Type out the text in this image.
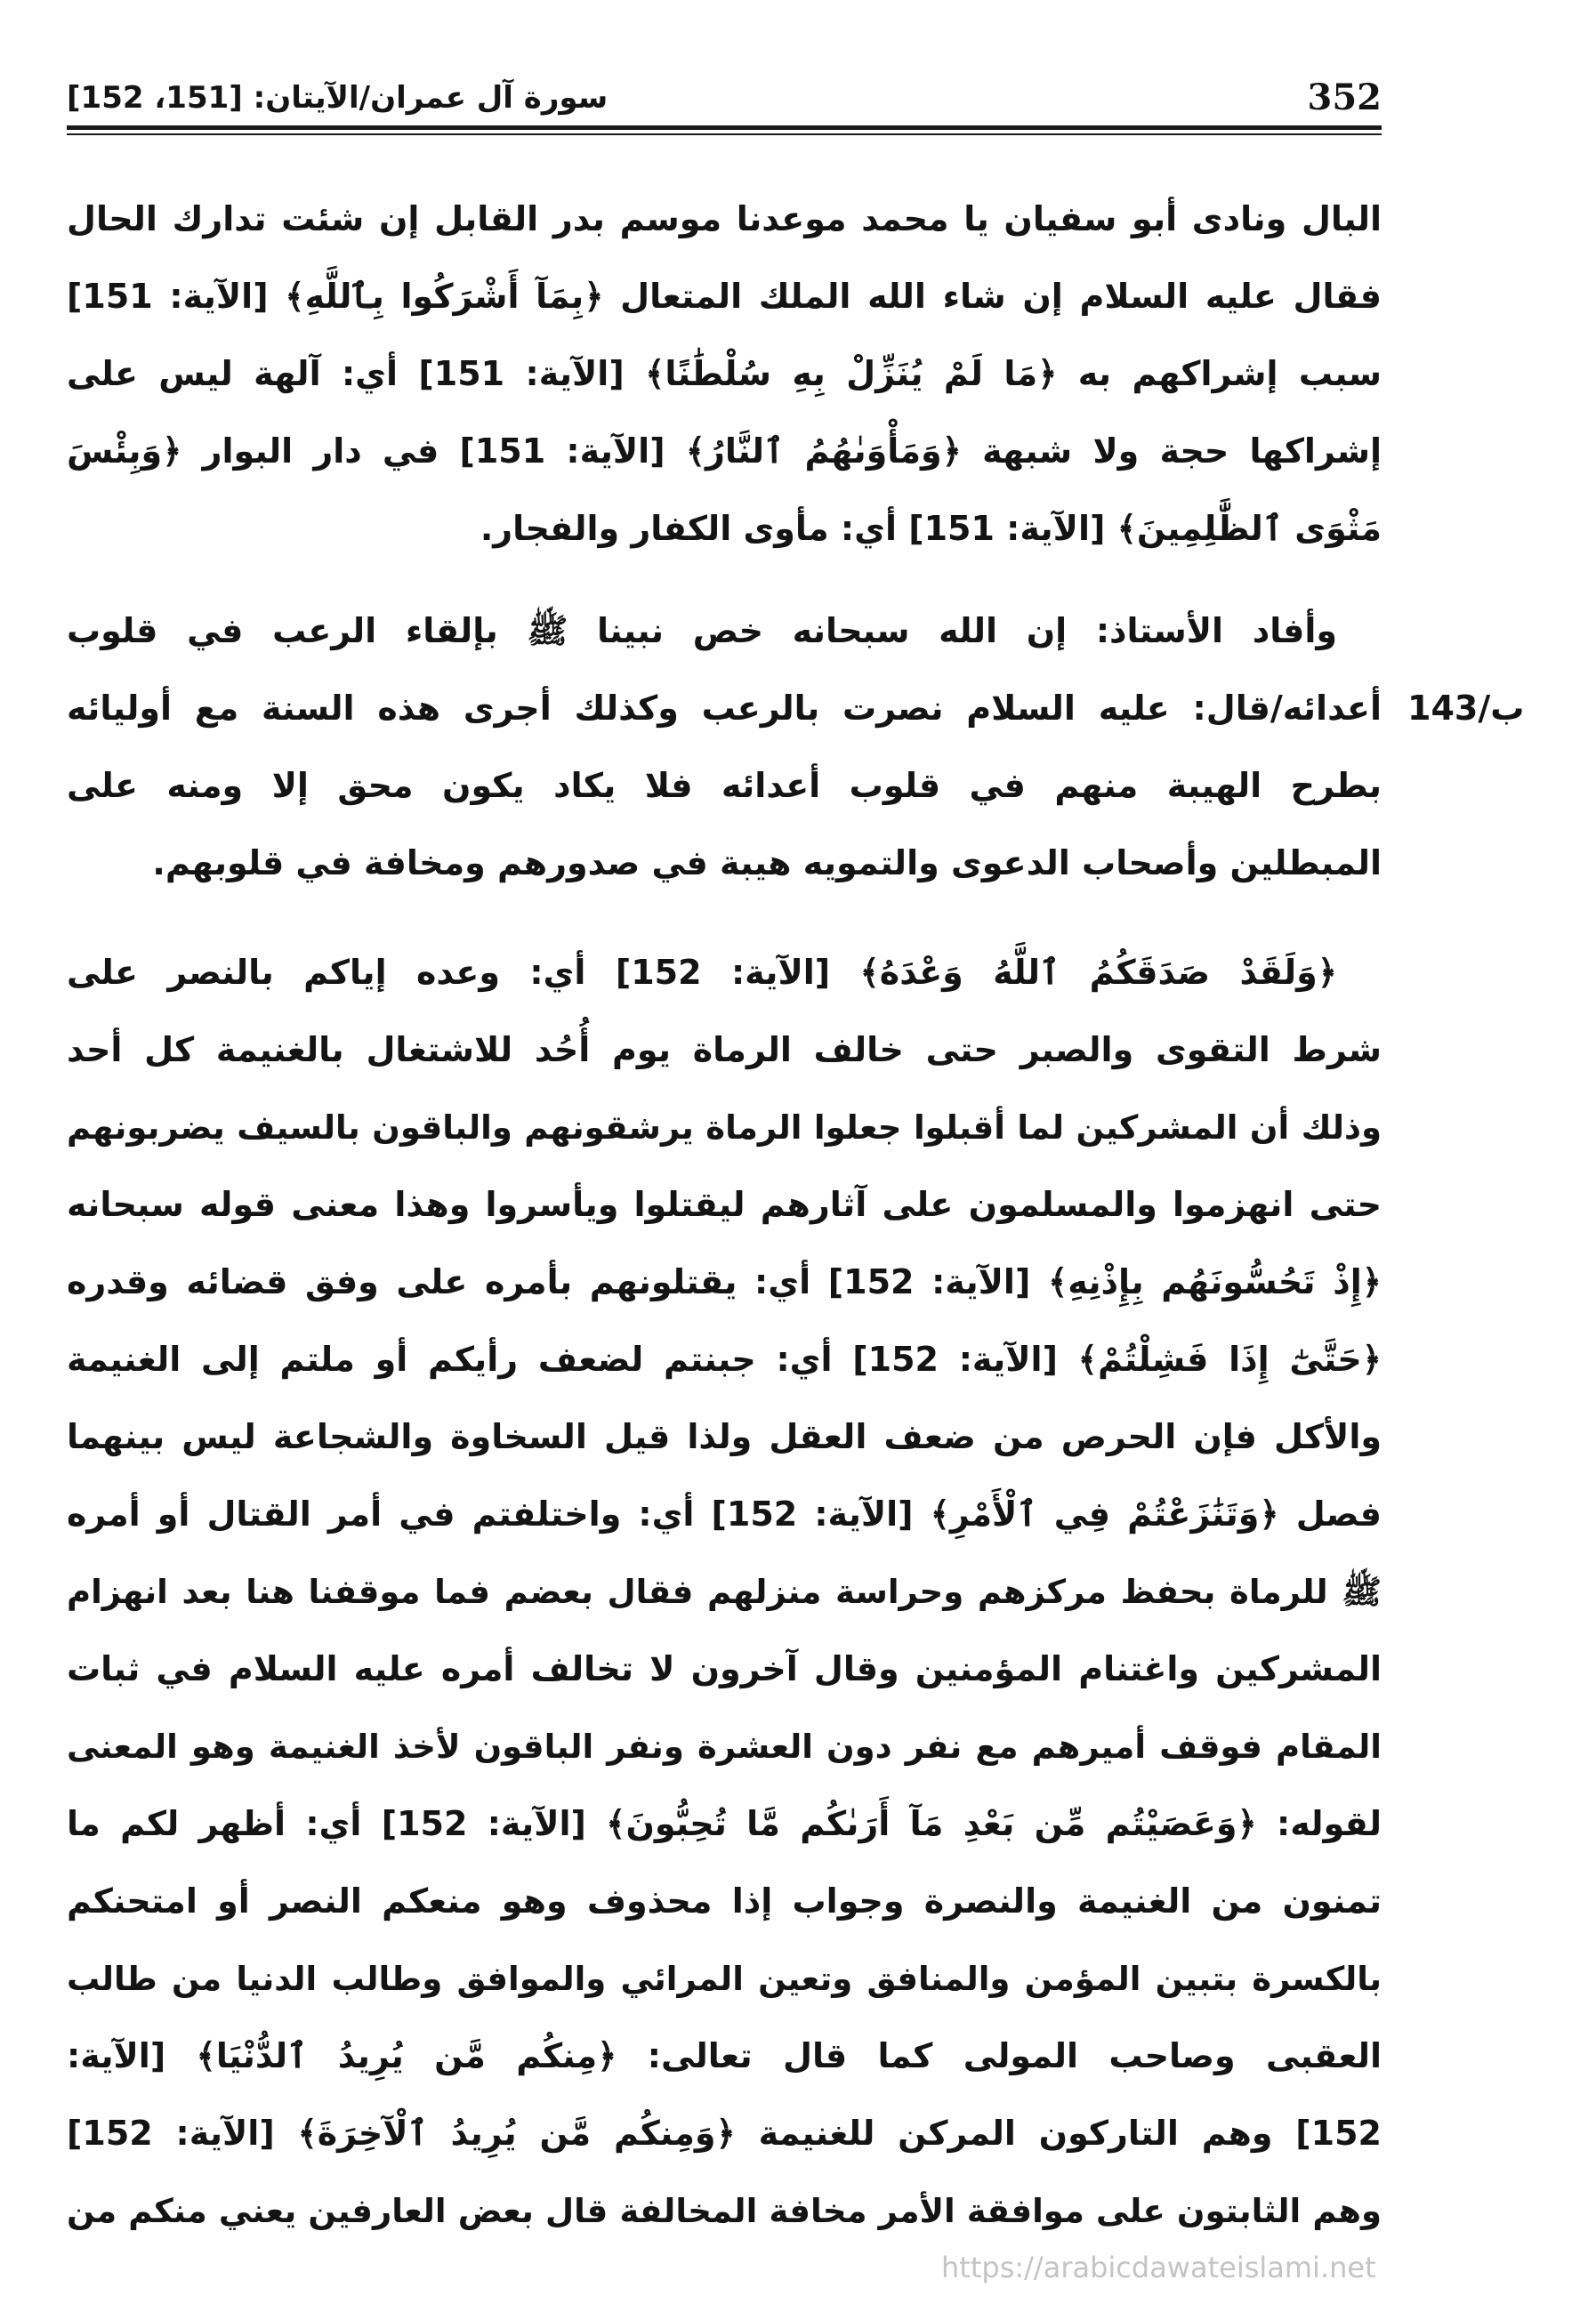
352
سورة آل عمران/الآيتان: [151، 152]
البال ونادى أبو سفيان يا محمد موعدنا موسم بدر القابل إن شئت تدارك الحال
فقال عليه السلام إن شاء الله الملك المتعال ﴿بِمَآ أَشْرَكُوا بِٱللَّهِ﴾ [الآية: 151]
سبب إشراكهم به ﴿مَا لَمْ يُنَزِّلْ بِهِ سُلْطَٰنًا﴾ [الآية: 151] أي: آلهة ليس على
إشراكها حجة ولا شبهة ﴿وَمَأْوَىٰهُمُ ٱلنَّارُ﴾ [الآية: 151] في دار البوار ﴿وَبِئْسَ
مَثْوَى ٱلظَّٰلِمِينَ﴾ [الآية: 151] أي: مأوى الكفار والفجار.
وأفاد الأستاذ: إن الله سبحانه خص نبينا ﷺ بإلقاء الرعب في قلوب
أعدائه/قال: عليه السلام نصرت بالرعب وكذلك أجرى هذه السنة مع أوليائه
بطرح الهيبة منهم في قلوب أعدائه فلا يكاد يكون محق إلا ومنه على
المبطلين وأصحاب الدعوى والتمويه هيبة في صدورهم ومخافة في قلوبهم.
143/ب
﴿وَلَقَدْ صَدَقَكُمُ ٱللَّهُ وَعْدَهُ﴾ [الآية: 152] أي: وعده إياكم بالنصر على
شرط التقوى والصبر حتى خالف الرماة يوم أُحُد للاشتغال بالغنيمة كل أحد
وذلك أن المشركين لما أقبلوا جعلوا الرماة يرشقونهم والباقون بالسيف يضربونهم
حتى انهزموا والمسلمون على آثارهم ليقتلوا ويأسروا وهذا معنى قوله سبحانه
﴿إِذْ تَحُسُّونَهُم بِإِذْنِهِ﴾ [الآية: 152] أي: يقتلونهم بأمره على وفق قضائه وقدره
﴿حَتَّىٰٓ إِذَا فَشِلْتُمْ﴾ [الآية: 152] أي: جبنتم لضعف رأيكم أو ملتم إلى الغنيمة
والأكل فإن الحرص من ضعف العقل ولذا قيل السخاوة والشجاعة ليس بينهما
فصل ﴿وَتَنَٰزَعْتُمْ فِي ٱلْأَمْرِ﴾ [الآية: 152] أي: واختلفتم في أمر القتال أو أمره
ﷺ للرماة بحفظ مركزهم وحراسة منزلهم فقال بعضم فما موقفنا هنا بعد انهزام
المشركين واغتنام المؤمنين وقال آخرون لا تخالف أمره عليه السلام في ثبات
المقام فوقف أميرهم مع نفر دون العشرة ونفر الباقون لأخذ الغنيمة وهو المعنى
لقوله: ﴿وَعَصَيْتُم مِّن بَعْدِ مَآ أَرَىٰكُم مَّا تُحِبُّونَ﴾ [الآية: 152] أي: أظهر لكم ما
تمنون من الغنيمة والنصرة وجواب إذا محذوف وهو منعكم النصر أو امتحنكم
بالكسرة بتبين المؤمن والمنافق وتعين المرائي والموافق وطالب الدنيا من طالب
العقبى وصاحب المولى كما قال تعالى: ﴿مِنكُم مَّن يُرِيدُ ٱلدُّنْيَا﴾ [الآية:
152] وهم التاركون المركن للغنيمة ﴿وَمِنكُم مَّن يُرِيدُ ٱلْآخِرَةَ﴾ [الآية: 152]
وهم الثابتون على موافقة الأمر مخافة المخالفة قال بعض العارفين يعني منكم من
https://arabicdawateislami.net
